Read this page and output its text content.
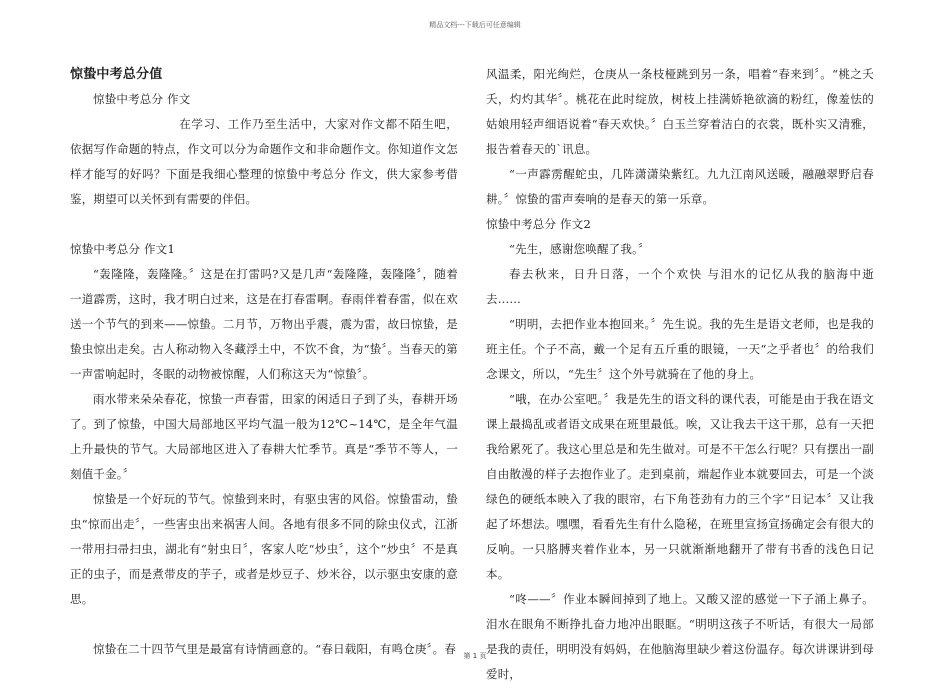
精品文档---下载后可任意编辑

惊蛰中考总分值

惊蛰中考总分 作文

在学习、工作乃至生活中，大家对作文都不陌生吧，依据写作命题的特点，作文可以分为命题作文和非命题作文。你知道作文怎样才能写的好吗？下面是我细心整理的惊蛰中考总分 作文，供大家参考借鉴，期望可以关怀到有需要的伴侣。

惊蛰中考总分 作文1

“轰隆隆，轰隆隆。〞这是在打雷吗?又是几声“轰隆隆，轰隆隆〞，随着一道霹雳，这时，我才明白过来，这是在打春雷啊。春雨伴着春雷，似在欢送一个节气的到来——惊蛰。二月节，万物出乎震，震为雷，故曰惊蛰，是蛰虫惊出走矣。古人称动物入冬藏浮土中，不饮不食，为“蛰〞。当春天的第一声雷响起时，冬眠的动物被惊醒，人们称这天为“惊蛰〞。

雨水带来朵朵春花，惊蛰一声春雷，田家的闲适日子到了头，春耕开场了。到了惊蛰，中国大局部地区平均气温一般为12℃~14℃，是全年气温上升最快的节气。大局部地区进入了春耕大忙季节。真是“季节不等人，一刻值千金。〞

惊蛰是一个好玩的节气。惊蛰到来时，有驱虫害的风俗。惊蛰雷动，蛰虫“惊而出走〞，一些害虫出来祸害人间。各地有很多不同的除虫仪式，江浙一带用扫帚扫虫，湖北有“射虫日〞，客家人吃“炒虫〞，这个“炒虫〞不是真正的虫子，而是煮带皮的芋子，或者是炒豆子、炒米谷，以示驱虫安康的意思。

惊蛰在二十四节气里是最富有诗情画意的。“春日载阳，有鸣仓庚〞。春

风温柔，阳光绚烂，仓庚从一条枝桠跳到另一条，唱着“春来到〞。“桃之夭夭，灼灼其华〞。桃花在此时绽放，树枝上挂满娇艳欲滴的粉红，像羞怯的姑娘用轻声细语说着“春天欢快。〞白玉兰穿着洁白的衣裳，既朴实又清雅，报告着春天的`讯息。

“一声霹雳醒蛇虫，几阵潇潇染紫红。九九江南风送暖，融融翠野启春耕。〞惊蛰的雷声奏响的是春天的第一乐章。

惊蛰中考总分 作文2

“先生，感谢您唤醒了我。〞

春去秋来，日升日落，一个个欢快 与泪水的记忆从我的脑海中逝去……

“明明，去把作业本抱回来。〞先生说。我的先生是语文老师，也是我的班主任。个子不高，戴一个足有五斤重的眼镜，一天“之乎者也〞的给我们念课文，所以，“先生〞这个外号就骑在了他的身上。

“哦，在办公室吧。〞我是先生的语文科的课代表，可能是由于我在语文课上最捣乱或者语文成果在班里最低。唉，又让我去干这干那，总有一天把我给累死了。我这心里总是和先生做对。可是不干怎么行呢？只有摆出一副自由散漫的样子去抱作业了。走到桌前，端起作业本就要回去，可是一个淡绿色的硬纸本映入了我的眼帘，右下角苍劲有力的三个字“日记本〞又让我起了坏想法。嘿嘿，看看先生有什么隐秘，在班里宣扬宣扬确定会有很大的反响。一只胳膊夹着作业本，另一只就渐渐地翻开了带有书香的浅色日记本。

“咚——〞作业本瞬间掉到了地上。又酸又涩的感觉一下子涌上鼻子。泪水在眼角不断挣扎奋力地冲出眼眶。“明明这孩子不听话，有很大一局部是我的责任，明明没有妈妈，在他脑海里缺少着这份温存。每次讲课讲到母爱时，

第 1 页
